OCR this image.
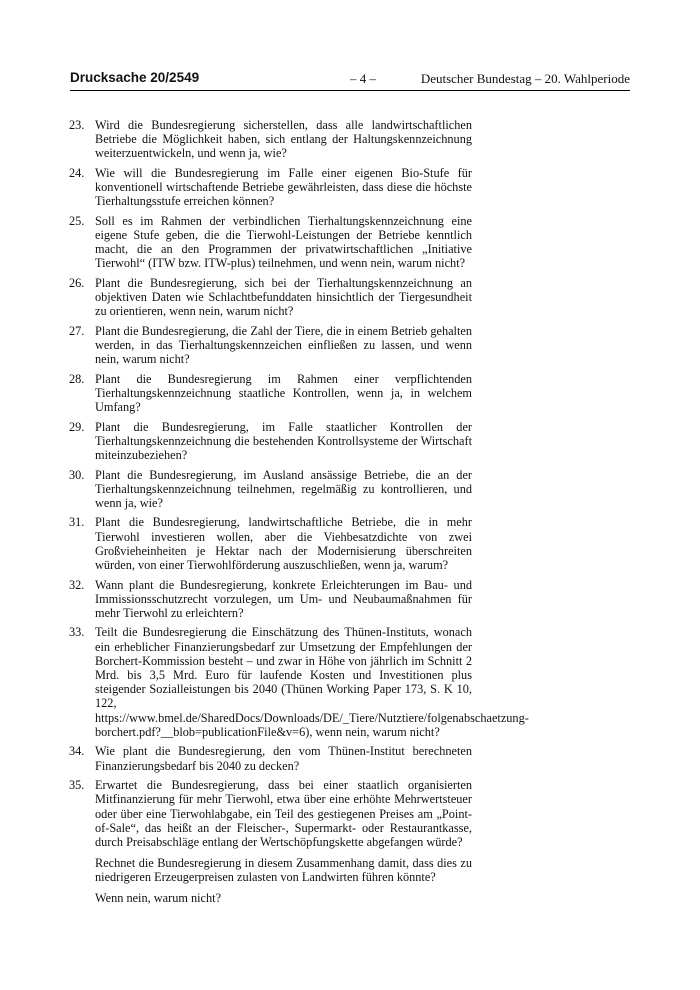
Drucksache 20/2549	– 4 –	Deutscher Bundestag – 20. Wahlperiode
23. Wird die Bundesregierung sicherstellen, dass alle landwirtschaftlichen Betriebe die Möglichkeit haben, sich entlang der Haltungskennzeichnung weiterzuentwickeln, und wenn ja, wie?
24. Wie will die Bundesregierung im Falle einer eigenen Bio-Stufe für konventionell wirtschaftende Betriebe gewährleisten, dass diese die höchste Tierhaltungsstufe erreichen können?
25. Soll es im Rahmen der verbindlichen Tierhaltungskennzeichnung eine eigene Stufe geben, die die Tierwohl-Leistungen der Betriebe kenntlich macht, die an den Programmen der privatwirtschaftlichen „Initiative Tierwohl“ (ITW bzw. ITW-plus) teilnehmen, und wenn nein, warum nicht?
26. Plant die Bundesregierung, sich bei der Tierhaltungskennzeichnung an objektiven Daten wie Schlachtbefunddaten hinsichtlich der Tiergesundheit zu orientieren, wenn nein, warum nicht?
27. Plant die Bundesregierung, die Zahl der Tiere, die in einem Betrieb gehalten werden, in das Tierhaltungskennzeichen einfließen zu lassen, und wenn nein, warum nicht?
28. Plant die Bundesregierung im Rahmen einer verpflichtenden Tierhaltungskennzeichnung staatliche Kontrollen, wenn ja, in welchem Umfang?
29. Plant die Bundesregierung, im Falle staatlicher Kontrollen der Tierhaltungskennzeichnung die bestehenden Kontrollsysteme der Wirtschaft miteinzubeziehen?
30. Plant die Bundesregierung, im Ausland ansässige Betriebe, die an der Tierhaltungskennzeichnung teilnehmen, regelmäßig zu kontrollieren, und wenn ja, wie?
31. Plant die Bundesregierung, landwirtschaftliche Betriebe, die in mehr Tierwohl investieren wollen, aber die Viehbesatzdichte von zwei Großvieheinheiten je Hektar nach der Modernisierung überschreiten würden, von einer Tierwohlförderung auszuschließen, wenn ja, warum?
32. Wann plant die Bundesregierung, konkrete Erleichterungen im Bau- und Immissionsschutzrecht vorzulegen, um Um- und Neubaumaßnahmen für mehr Tierwohl zu erleichtern?
33. Teilt die Bundesregierung die Einschätzung des Thünen-Instituts, wonach ein erheblicher Finanzierungsbedarf zur Umsetzung der Empfehlungen der Borchert-Kommission besteht – und zwar in Höhe von jährlich im Schnitt 2 Mrd. bis 3,5 Mrd. Euro für laufende Kosten und Investitionen plus steigender Sozialleistungen bis 2040 (Thünen Working Paper 173, S. K 10, 122, https://www.bmel.de/SharedDocs/Downloads/DE/_Tiere/Nutztiere/folgenabschaetzung-borchert.pdf?__blob=publicationFile&v=6), wenn nein, warum nicht?
34. Wie plant die Bundesregierung, den vom Thünen-Institut berechneten Finanzierungsbedarf bis 2040 zu decken?
35. Erwartet die Bundesregierung, dass bei einer staatlich organisierten Mitfinanzierung für mehr Tierwohl, etwa über eine erhöhte Mehrwertsteuer oder über eine Tierwohlabgabe, ein Teil des gestiegenen Preises am „Point-of-Sale“, das heißt an der Fleischer-, Supermarkt- oder Restaurantkasse, durch Preisabschläge entlang der Wertschöpfungskette abgefangen würde?
Rechnet die Bundesregierung in diesem Zusammenhang damit, dass dies zu niedrigeren Erzeugerpreisen zulasten von Landwirten führen könnte?
Wenn nein, warum nicht?
